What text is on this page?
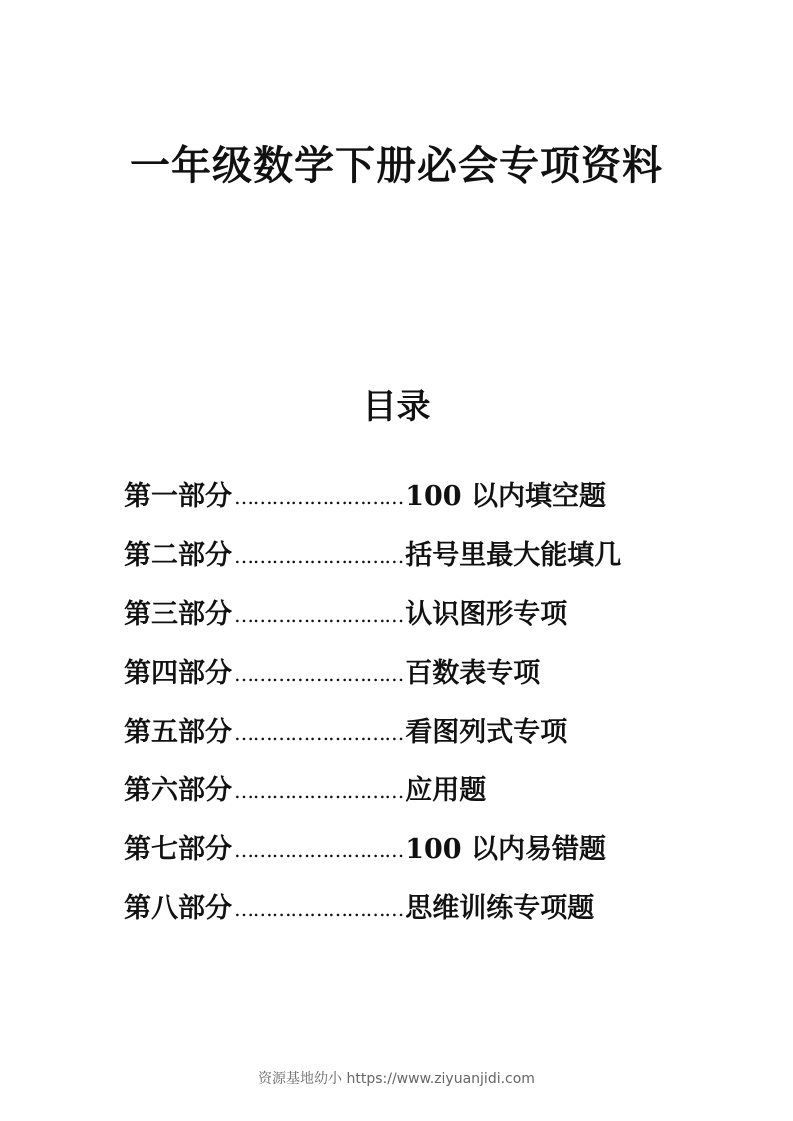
一年级数学下册必会专项资料
目录
第一部分 ……………………… 100 以内填空题
第二部分 ……………………… 括号里最大能填几
第三部分 ……………………… 认识图形专项
第四部分 ……………………… 百数表专项
第五部分 ……………………… 看图列式专项
第六部分 ……………………… 应用题
第七部分 ……………………… 100 以内易错题
第八部分 ……………………… 思维训练专项题
资源基地幼小 https://www.ziyuanjidi.com
